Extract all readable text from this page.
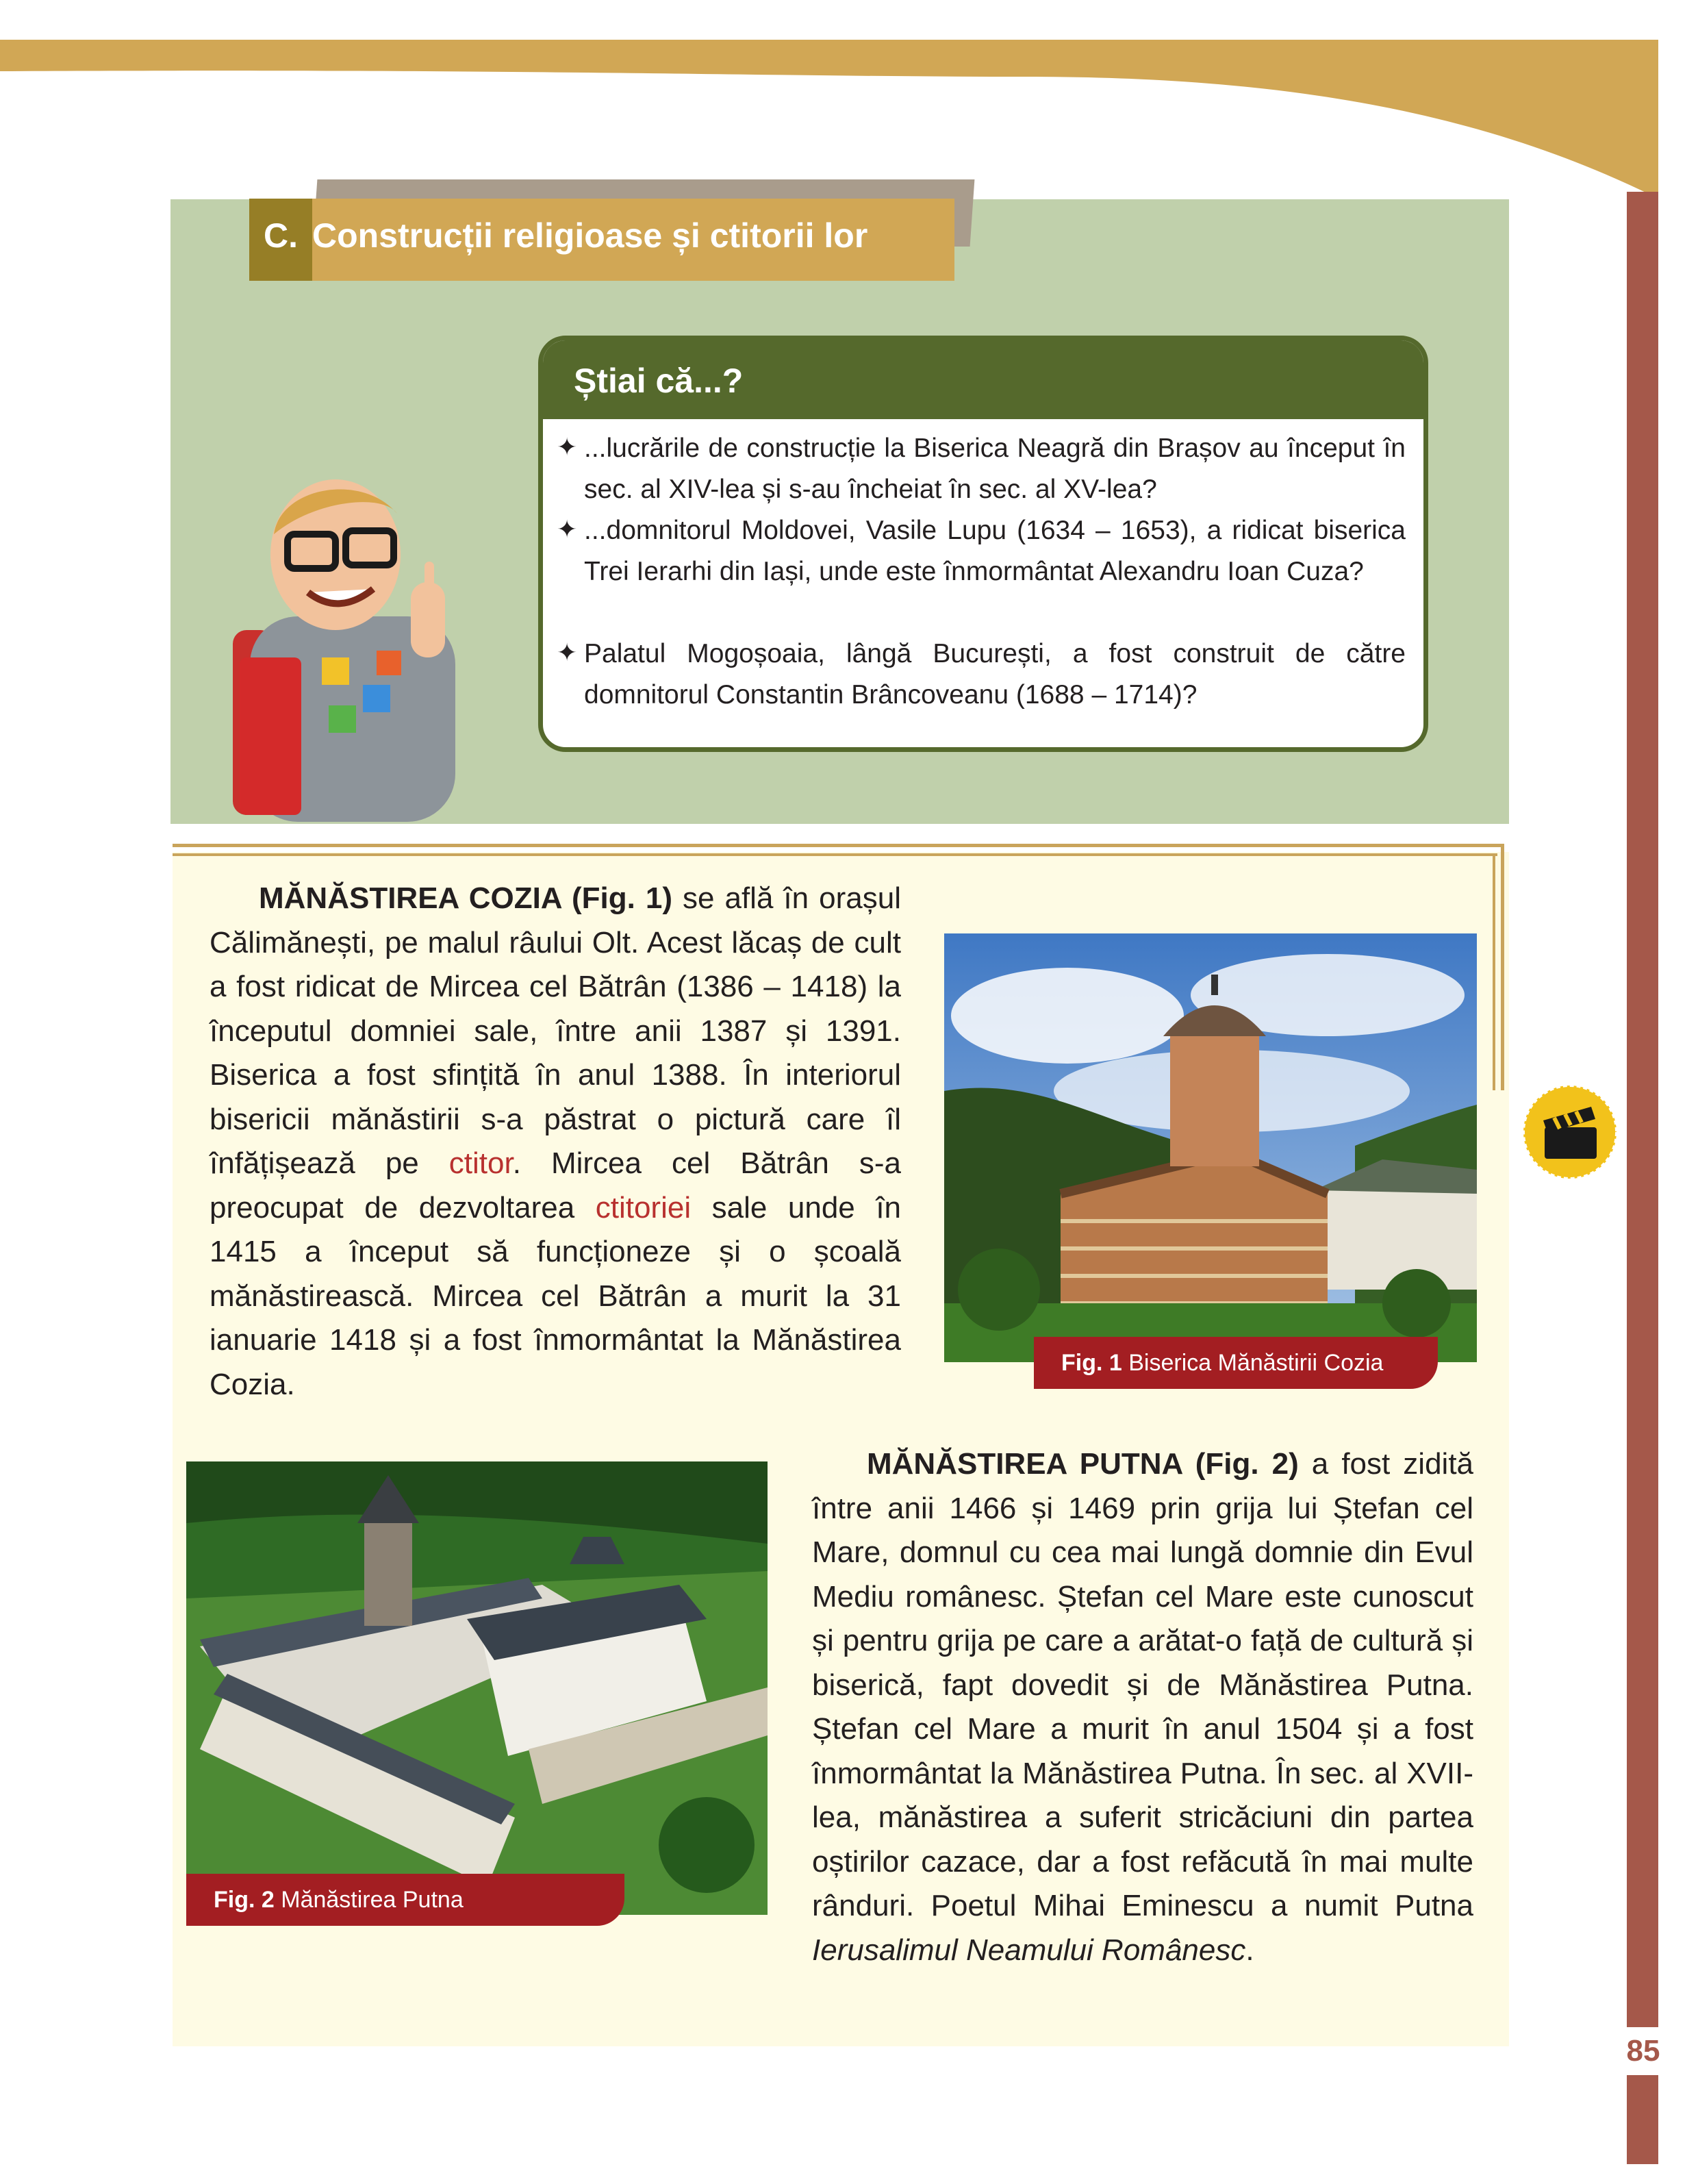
C. Construcții religioase și ctitorii lor
Știai că...?
✦ ...lucrările de construcție la Biserica Neagră din Brașov au început în sec. al XIV-lea și s-au încheiat în sec. al XV-lea?
✦ ...domnitorul Moldovei, Vasile Lupu (1634 – 1653), a ridicat biserica Trei Ierarhi din Iași, unde este înmormântat Alexandru Ioan Cuza?
✦ Palatul Mogoșoaia, lângă București, a fost construit de către domnitorul Constantin Brâncoveanu (1688 – 1714)?
MĂNĂSTIREA COZIA (Fig. 1) se află în orașul Călimănești, pe malul râului Olt. Acest lăcaș de cult a fost ridicat de Mircea cel Bătrân (1386 – 1418) la începutul domniei sale, între anii 1387 și 1391. Biserica a fost sfințită în anul 1388. În interiorul bisericii mănăstirii s-a păstrat o pictură care îl înfățișează pe ctitor. Mircea cel Bătrân s-a preocupat de dezvoltarea ctitoriei sale unde în 1415 a început să funcționeze și o școală mănăstirească. Mircea cel Bătrân a murit la 31 ianuarie 1418 și a fost înmormântat la Mănăstirea Cozia.
Fig. 1 Biserica Mănăstirii Cozia
Fig. 2 Mănăstirea Putna
MĂNĂSTIREA PUTNA (Fig. 2) a fost zidită între anii 1466 și 1469 prin grija lui Ștefan cel Mare, domnul cu cea mai lungă domnie din Evul Mediu românesc. Ștefan cel Mare este cunoscut și pentru grija pe care a arătat-o față de cultură și biserică, fapt dovedit și de Mănăstirea Putna. Ștefan cel Mare a murit în anul 1504 și a fost înmormântat la Mănăstirea Putna. În sec. al XVII-lea, mănăstirea a suferit stricăciuni din partea oștirilor cazace, dar a fost refăcută în mai multe rânduri. Poetul Mihai Eminescu a numit Putna Ierusalimul Neamului Românesc.
85
